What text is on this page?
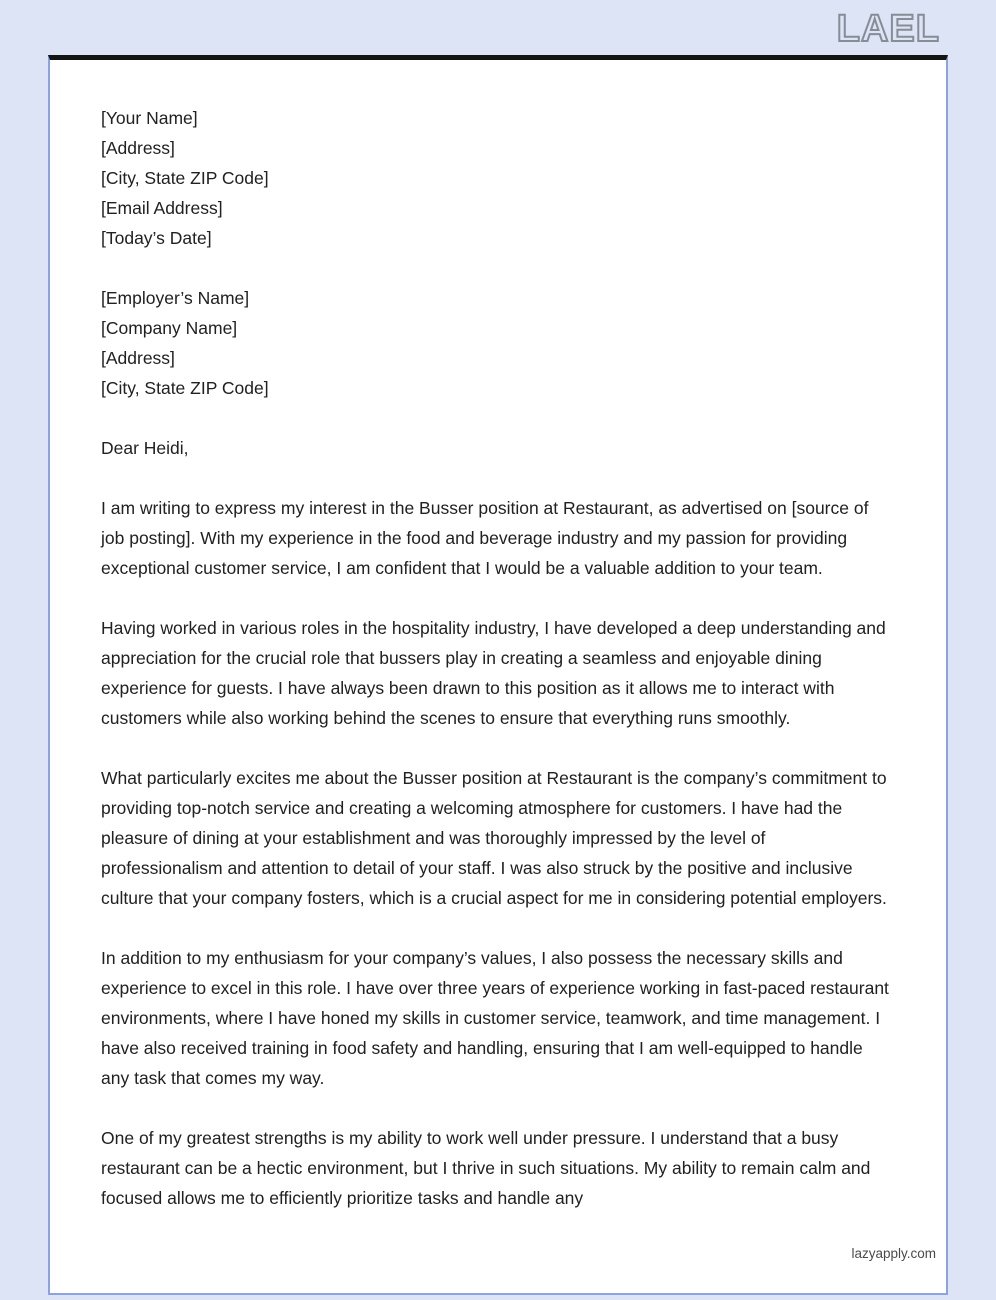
LAEL
[Your Name]
[Address]
[City, State ZIP Code]
[Email Address]
[Today’s Date]
[Employer’s Name]
[Company Name]
[Address]
[City, State ZIP Code]
Dear Heidi,

I am writing to express my interest in the Busser position at Restaurant, as advertised on [source of job posting]. With my experience in the food and beverage industry and my passion for providing exceptional customer service, I am confident that I would be a valuable addition to your team.

Having worked in various roles in the hospitality industry, I have developed a deep understanding and appreciation for the crucial role that bussers play in creating a seamless and enjoyable dining experience for guests. I have always been drawn to this position as it allows me to interact with customers while also working behind the scenes to ensure that everything runs smoothly.

What particularly excites me about the Busser position at Restaurant is the company’s commitment to providing top-notch service and creating a welcoming atmosphere for customers. I have had the pleasure of dining at your establishment and was thoroughly impressed by the level of professionalism and attention to detail of your staff. I was also struck by the positive and inclusive culture that your company fosters, which is a crucial aspect for me in considering potential employers.

In addition to my enthusiasm for your company’s values, I also possess the necessary skills and experience to excel in this role. I have over three years of experience working in fast-paced restaurant environments, where I have honed my skills in customer service, teamwork, and time management. I have also received training in food safety and handling, ensuring that I am well-equipped to handle any task that comes my way.

One of my greatest strengths is my ability to work well under pressure. I understand that a busy restaurant can be a hectic environment, but I thrive in such situations. My ability to remain calm and focused allows me to efficiently prioritize tasks and handle any

lazyapply.com
